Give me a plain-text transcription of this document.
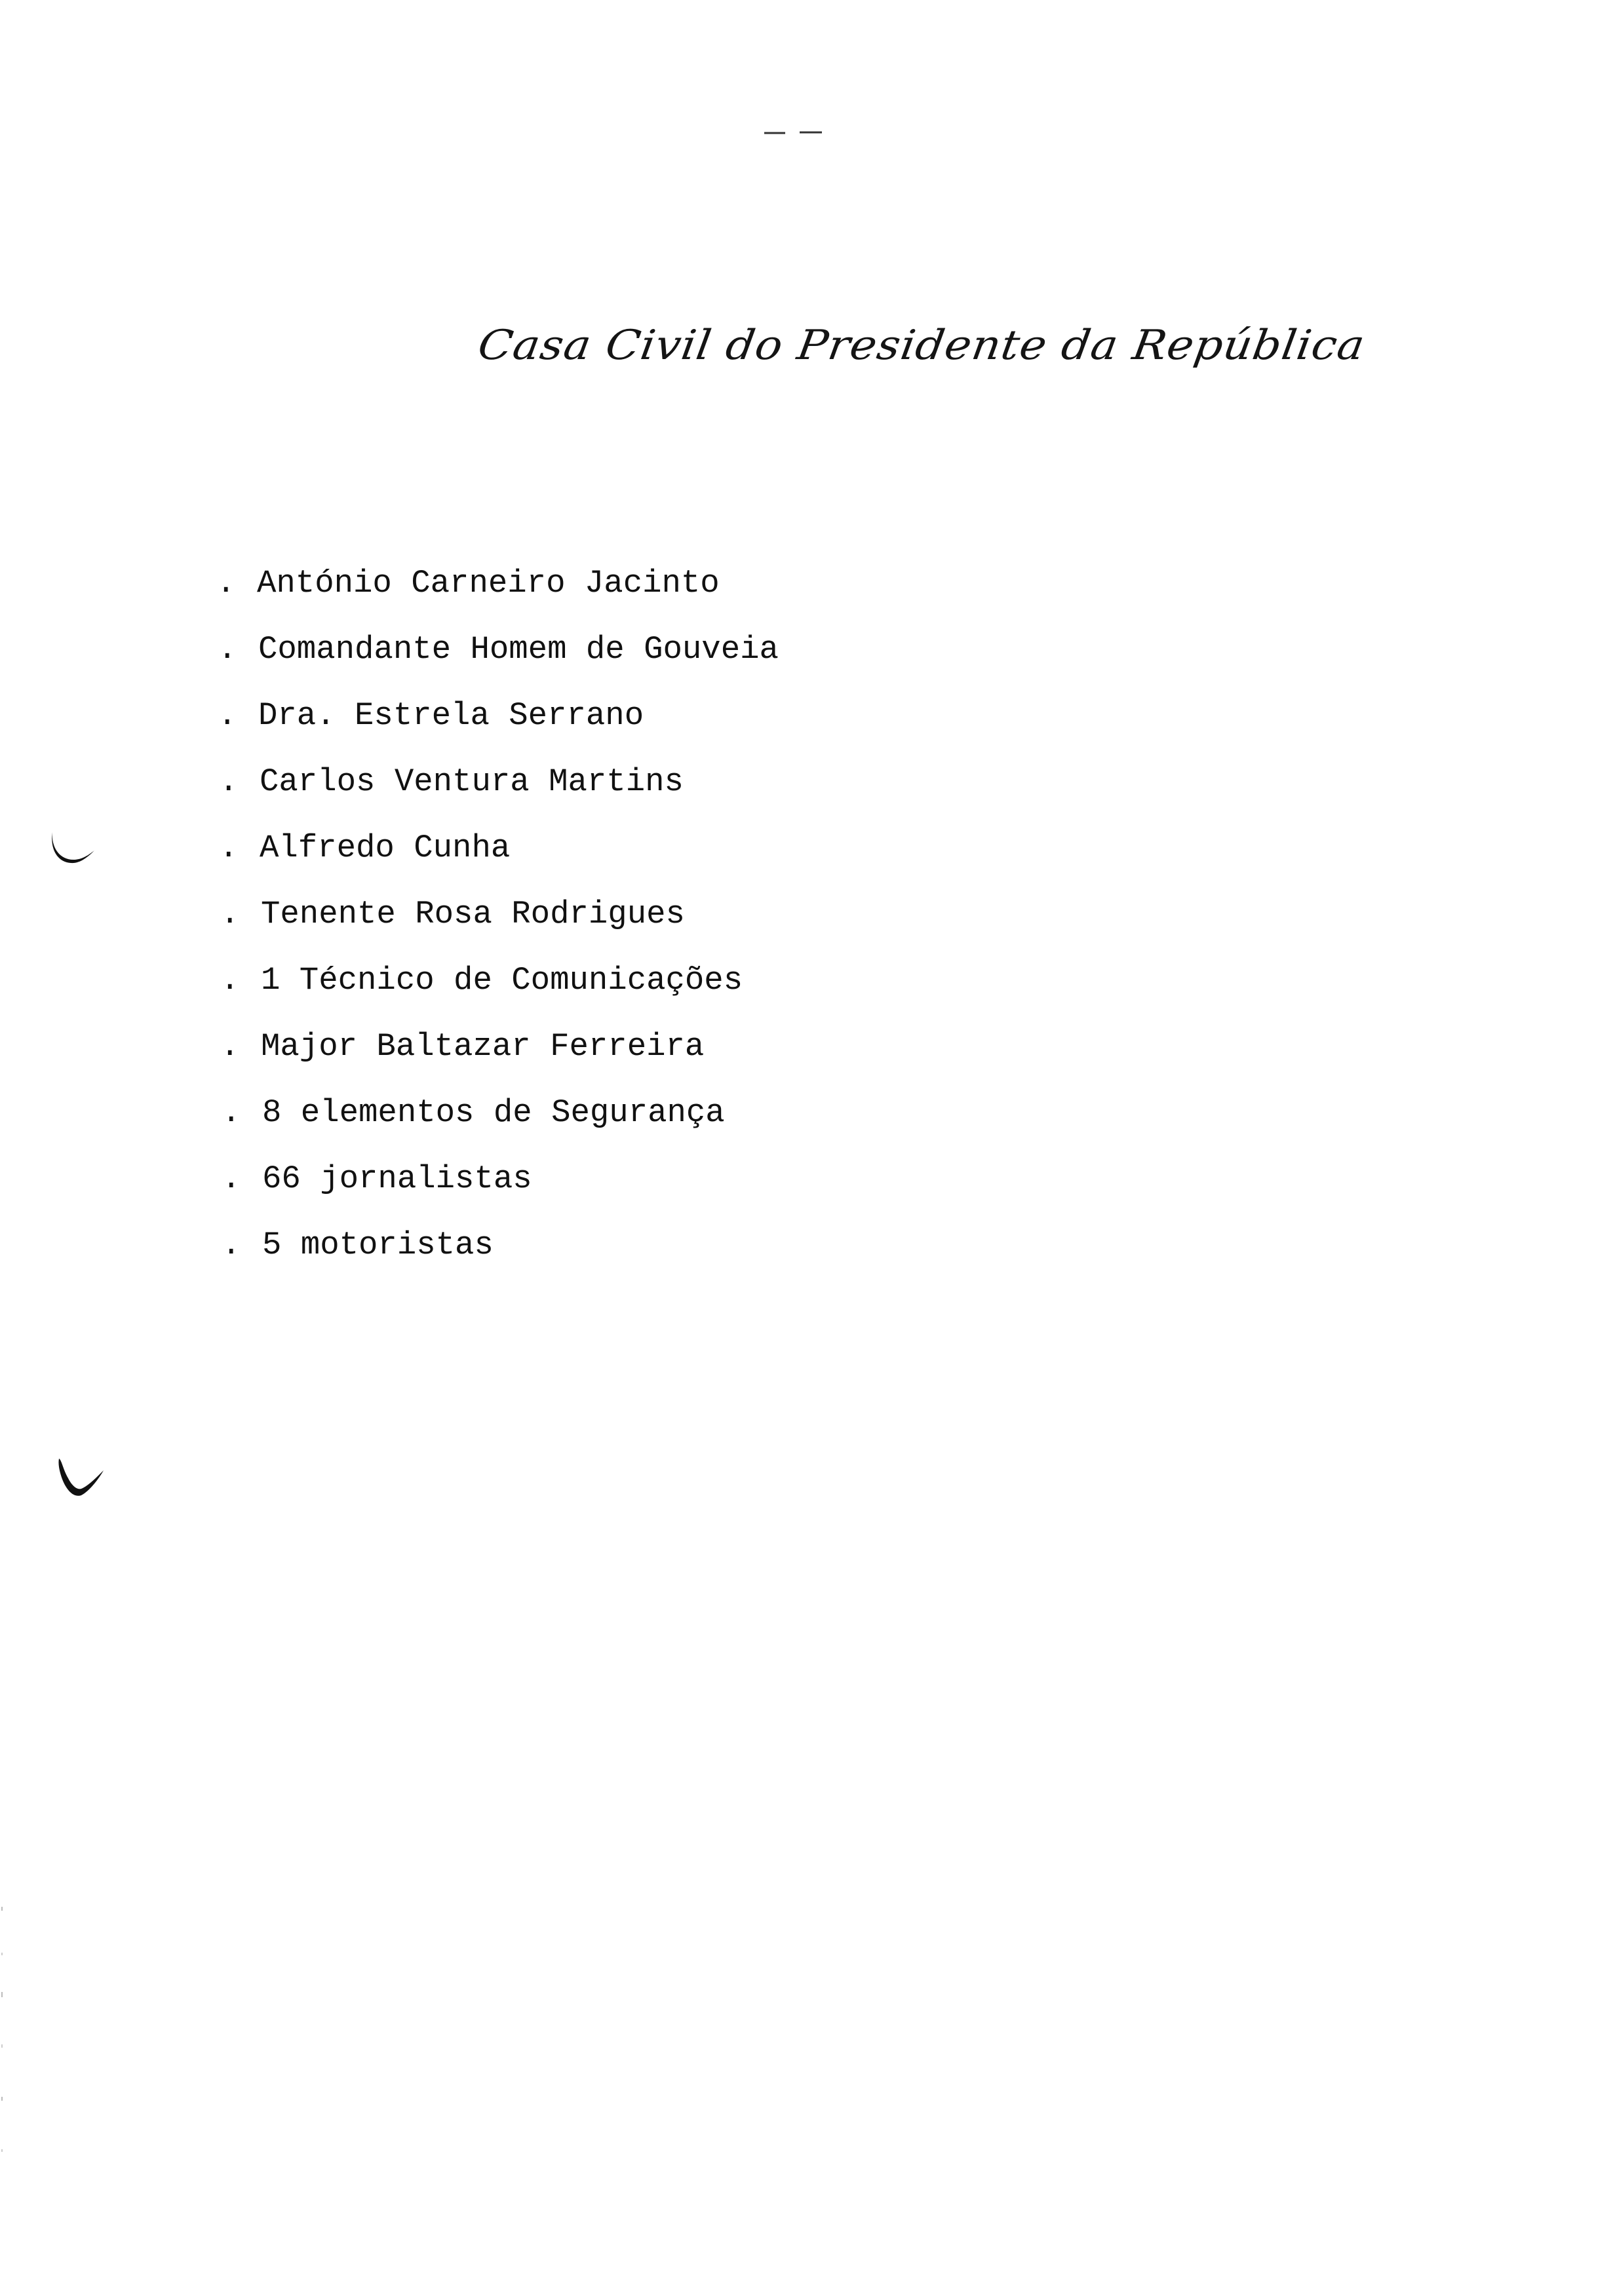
Casa Civil do Presidente da República
. António Carneiro Jacinto
. Comandante Homem de Gouveia
. Dra. Estrela Serrano
. Carlos Ventura Martins
. Alfredo Cunha
. Tenente Rosa Rodrigues
. 1 Técnico de Comunicações
. Major Baltazar Ferreira
. 8 elementos de Segurança
. 66 jornalistas
. 5 motoristas
